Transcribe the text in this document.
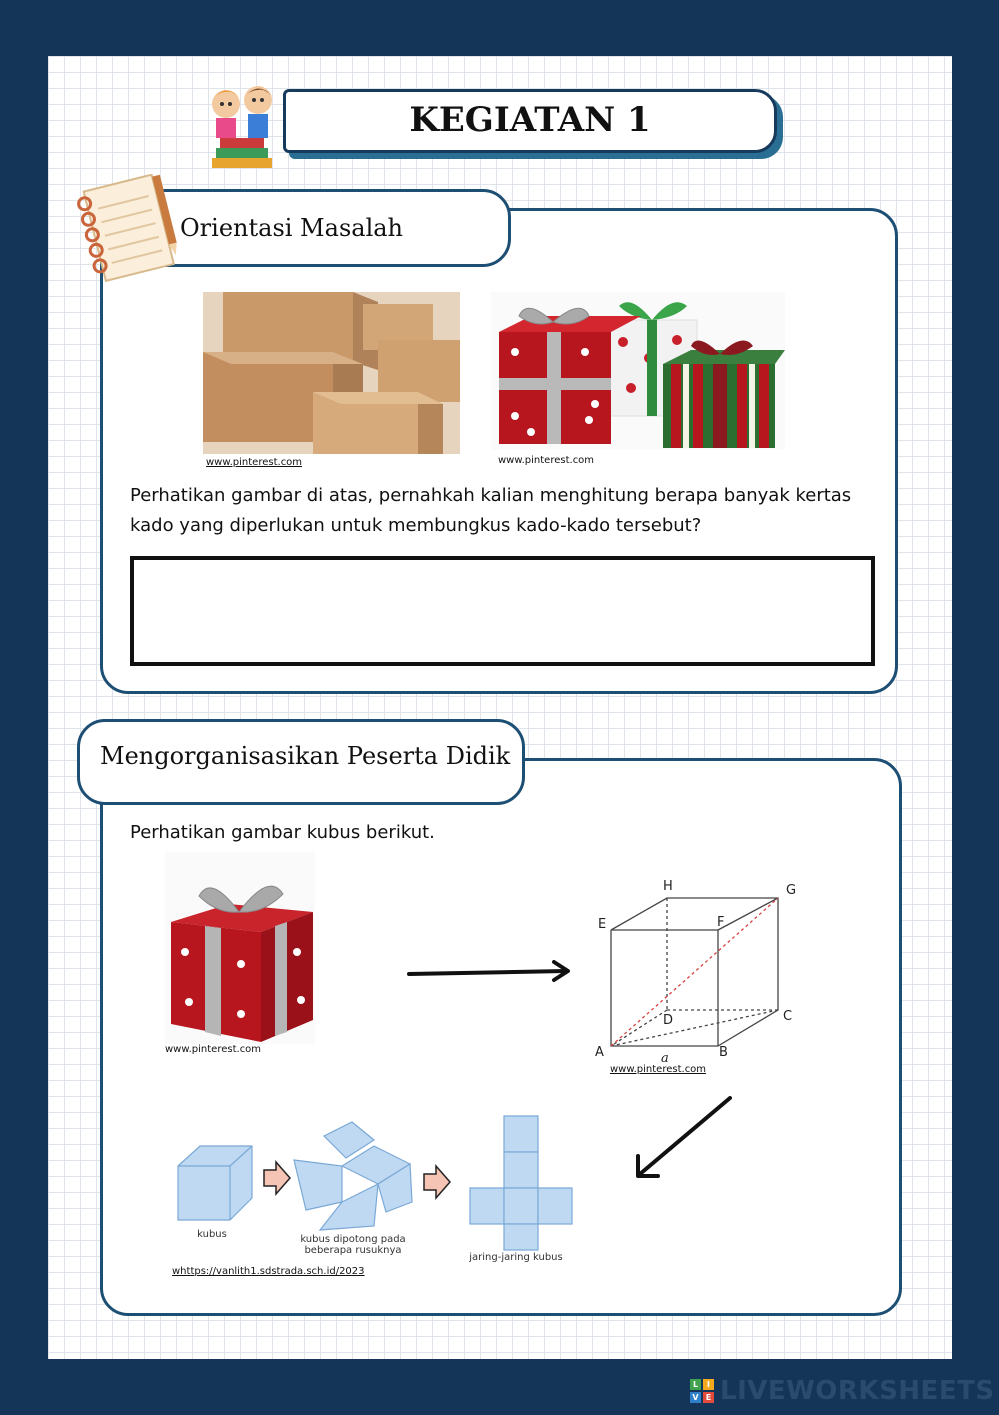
KEGIATAN 1
Orientasi Masalah
www.pinterest.com	www.pinterest.com
Perhatikan gambar di atas, pernahkah kalian menghitung berapa banyak kertas kado yang diperlukan untuk membungkus kado-kado tersebut?
Mengorganisasikan Peserta Didik
Perhatikan gambar kubus berikut.
www.pinterest.com	A	B
C
D
E	F
G
H
a
www.pinterest.com
kubus	kubus dipotong pada beberapa rusuknya
jaring-jaring kubus
whttps://vanlith1.sdstrada.sch.id/2023
L	I
V E LIVEWORKSHEETS
